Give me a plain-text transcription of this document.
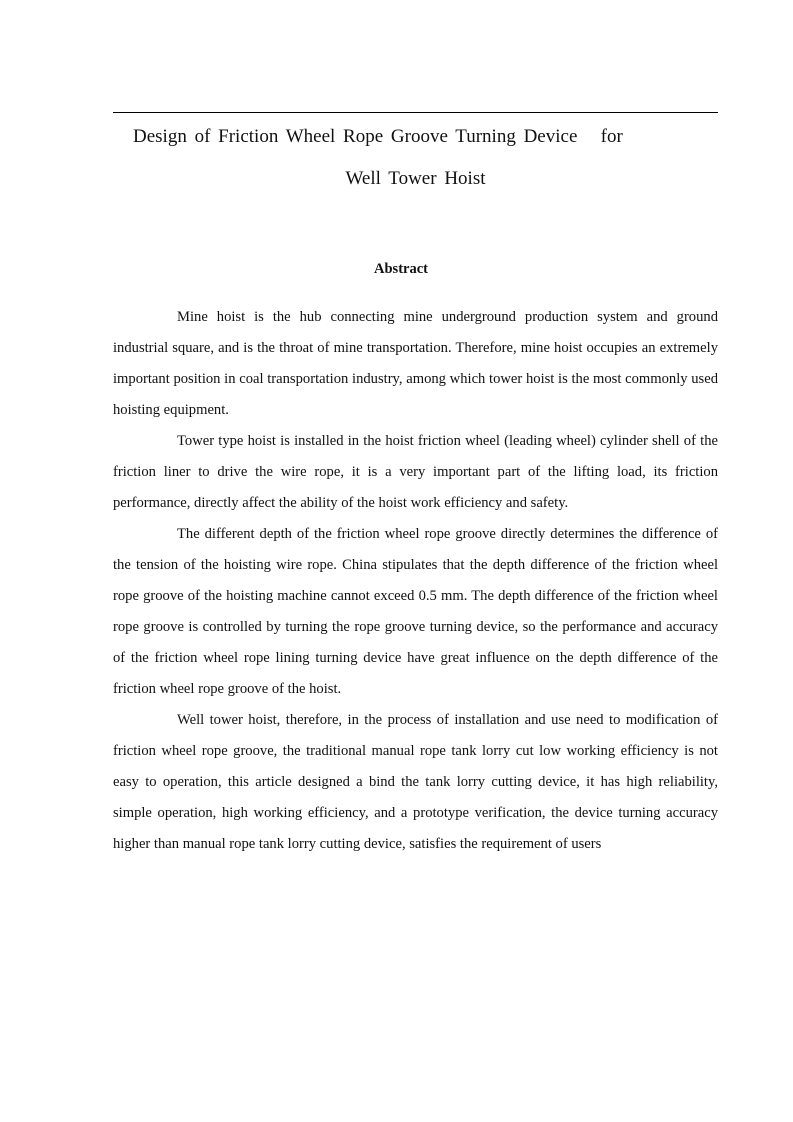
Design of Friction Wheel Rope Groove Turning Device   for
Well Tower Hoist
Abstract

Mine hoist is the hub connecting mine underground production system and ground industrial square, and is the throat of mine transportation. Therefore, mine hoist occupies an extremely important position in coal transportation industry, among which tower hoist is the most commonly used hoisting equipment.

Tower type hoist is installed in the hoist friction wheel (leading wheel) cylinder shell of the friction liner to drive the wire rope, it is a very important part of the lifting load, its friction performance, directly affect the ability of the hoist work efficiency and safety.

The different depth of the friction wheel rope groove directly determines the difference of the tension of the hoisting wire rope. China stipulates that the depth difference of the friction wheel rope groove of the hoisting machine cannot exceed 0.5 mm. The depth difference of the friction wheel rope groove is controlled by turning the rope groove turning device, so the performance and accuracy of the friction wheel rope lining turning device have great influence on the depth difference of the friction wheel rope groove of the hoist.

Well tower hoist, therefore, in the process of installation and use need to modification of friction wheel rope groove, the traditional manual rope tank lorry cut low working efficiency is not easy to operation, this article designed a bind the tank lorry cutting device, it has high reliability, simple operation, high working efficiency, and a prototype verification, the device turning accuracy higher than manual rope tank lorry cutting device, satisfies the requirement of users
